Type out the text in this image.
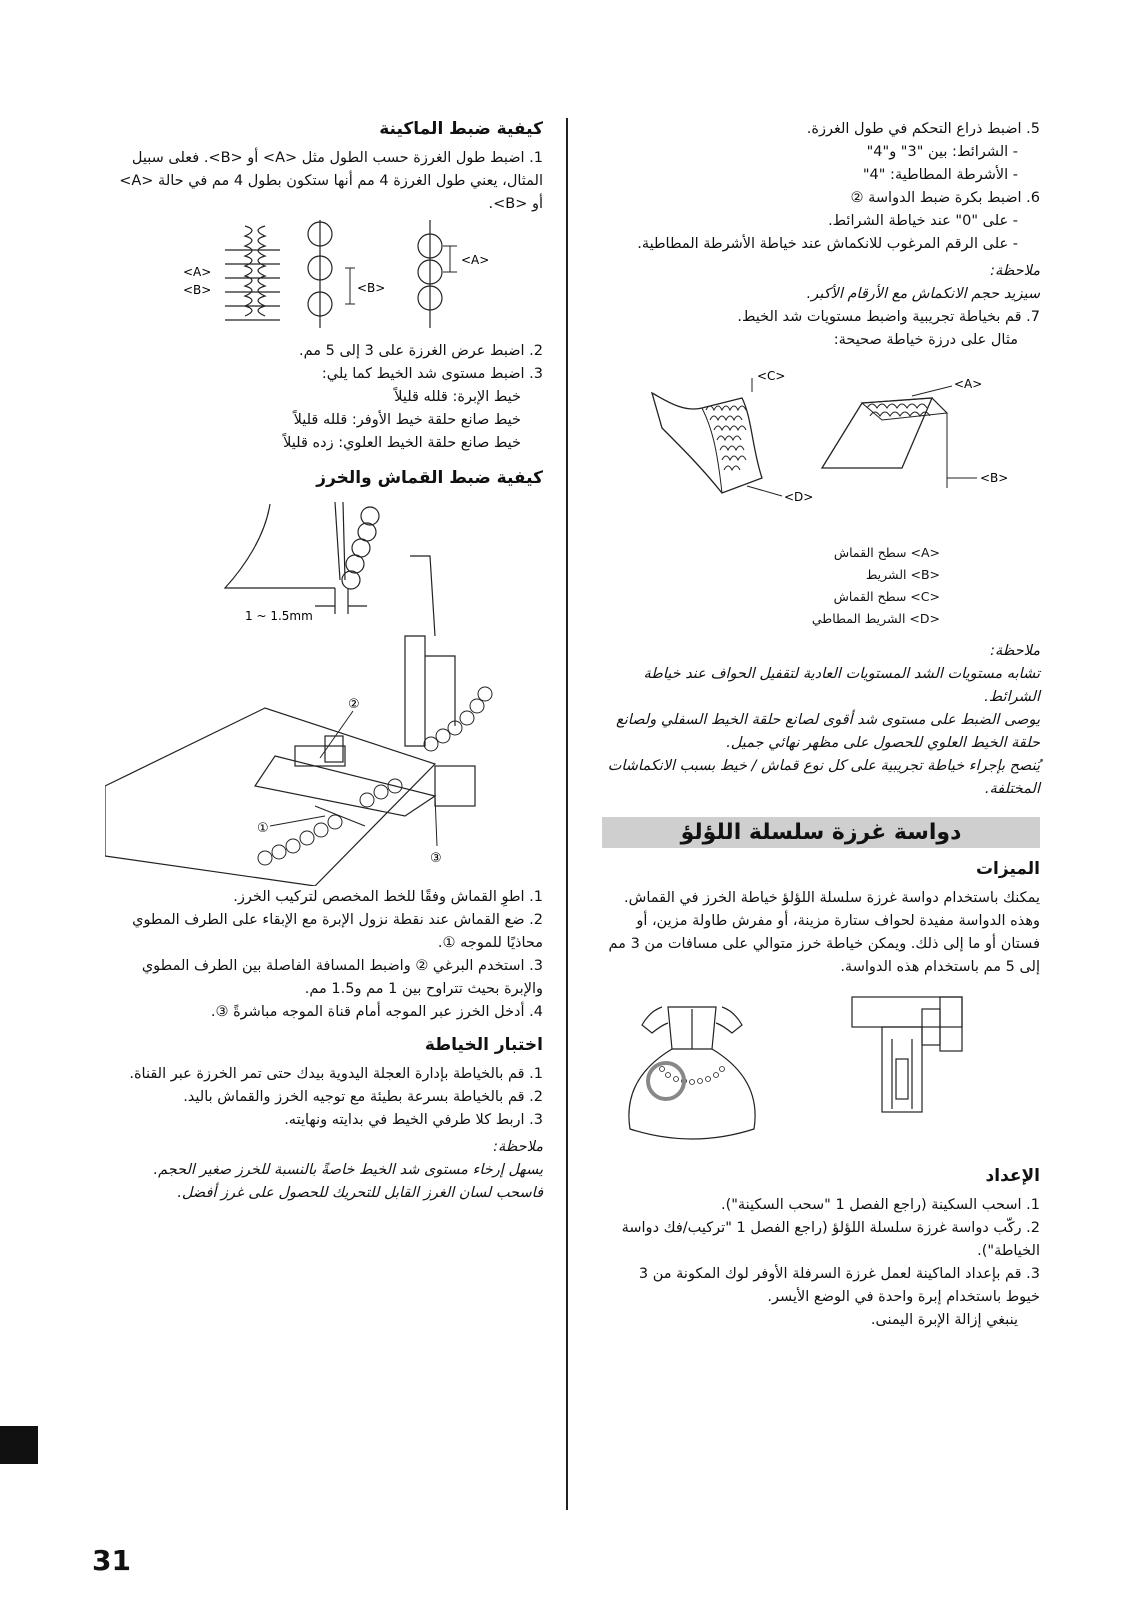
5. اضبط ذراع التحكم في طول الغرزة.
- الشرائط: بين "3" و"4"
- الأشرطة المطاطية: "4"
6. اضبط بكرة ضبط الدواسة ②
- على "0" عند خياطة الشرائط.
- على الرقم المرغوب للانكماش عند خياطة الأشرطة المطاطية.
ملاحظة:
سيزيد حجم الانكماش مع الأرقام الأكبر.
7. قم بخياطة تجريبية واضبط مستويات شد الخيط.
مثال على درزة خياطة صحيحة:
<C>
<D>
<A>
<B>
<A> سطح القماش
<B> الشريط
<C> سطح القماش
<D> الشريط المطاطي
ملاحظة:
تشابه مستويات الشد المستويات العادية لتقفيل الحواف عند خياطة الشرائط.
يوصى الضبط على مستوى شد أقوى لصانع حلقة الخيط السفلي ولصانع حلقة الخيط العلوي للحصول على مظهر نهائي جميل.
يُنصح بإجراء خياطة تجريبية على كل نوع قماش / خيط بسبب الانكماشات المختلفة.
دواسة غرزة سلسلة اللؤلؤ
الميزات
يمكنك باستخدام دواسة غرزة سلسلة اللؤلؤ خياطة الخرز في القماش. وهذه الدواسة مفيدة لحواف ستارة مزينة، أو مفرش طاولة مزين، أو فستان أو ما إلى ذلك. ويمكن خياطة خرز متوالي على مسافات من 3 مم إلى 5 مم باستخدام هذه الدواسة.
الإعداد
1. اسحب السكينة (راجع الفصل 1 "سحب السكينة").
2. ركّب دواسة غرزة سلسلة اللؤلؤ (راجع الفصل 1 "تركيب/فك دواسة الخياطة").
3. قم بإعداد الماكينة لعمل غرزة السرفلة الأوفر لوك المكونة من 3 خيوط باستخدام إبرة واحدة في الوضع الأيسر.
ينبغي إزالة الإبرة اليمنى.
كيفية ضبط الماكينة
1. اضبط طول الغرزة حسب الطول مثل <A> أو <B>. فعلى سبيل المثال، يعني طول الغرزة 4 مم أنها ستكون بطول 4 مم في حالة <A> أو <B>.
<B>
<A>
<A>
<B>
2. اضبط عرض الغرزة على 3 إلى 5 مم.
3. اضبط مستوى شد الخيط كما يلي:
خيط الإبرة: قلله قليلاً
خيط صانع حلقة خيط الأوفر: قلله قليلاً
خيط صانع حلقة الخيط العلوي: زده قليلاً
كيفية ضبط القماش والخرز
1 ~ 1.5mm
②
①
③
1. اطوِ القماش وفقًا للخط المخصص لتركيب الخرز.
2. ضع القماش عند نقطة نزول الإبرة مع الإبقاء على الطرف المطوي محاذيًا للموجه ①.
3. استخدم البرغي ② واضبط المسافة الفاصلة بين الطرف المطوي والإبرة بحيث تتراوح بين 1 مم و1.5 مم.
4. أدخل الخرز عبر الموجه أمام قناة الموجه مباشرةً ③.
اختبار الخياطة
1. قم بالخياطة بإدارة العجلة اليدوية بيدك حتى تمر الخرزة عبر القناة.
2. قم بالخياطة بسرعة بطيئة مع توجيه الخرز والقماش باليد.
3. اربط كلا طرفي الخيط في بدايته ونهايته.
ملاحظة:
يسهل إرخاء مستوى شد الخيط خاصةً بالنسبة للخرز صغير الحجم.
فاسحب لسان الغرز القابل للتحريك للحصول على غرز أفضل.
31
